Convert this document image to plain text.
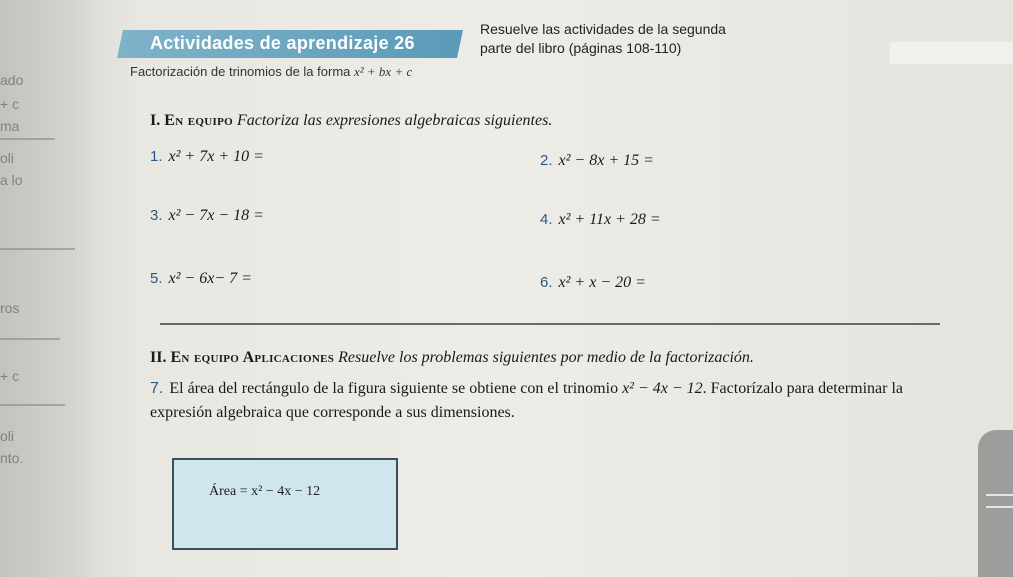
ado
+ c
ma
oli
a lo
ros
+ c
oli
nto.
Actividades de aprendizaje 26
Resuelve las actividades de la segunda
parte del libro (páginas 108-110)
Factorización de trinomios de la forma x² + bx + c
I. En equipo Factoriza las expresiones algebraicas siguientes.
1. x² + 7x + 10 =	2. x² − 8x + 15 =
3. x² − 7x − 18 =	4. x² + 11x + 28 =
5. x² − 6x− 7 =	6. x² + x − 20 =
II. En equipo Aplicaciones Resuelve los problemas siguientes por medio de la factorización.
7. El área del rectángulo de la figura siguiente se obtiene con el trinomio x² − 4x − 12. Factorízalo para determinar la expresión algebraica que corresponde a sus dimensiones.
Área = x² − 4x − 12
